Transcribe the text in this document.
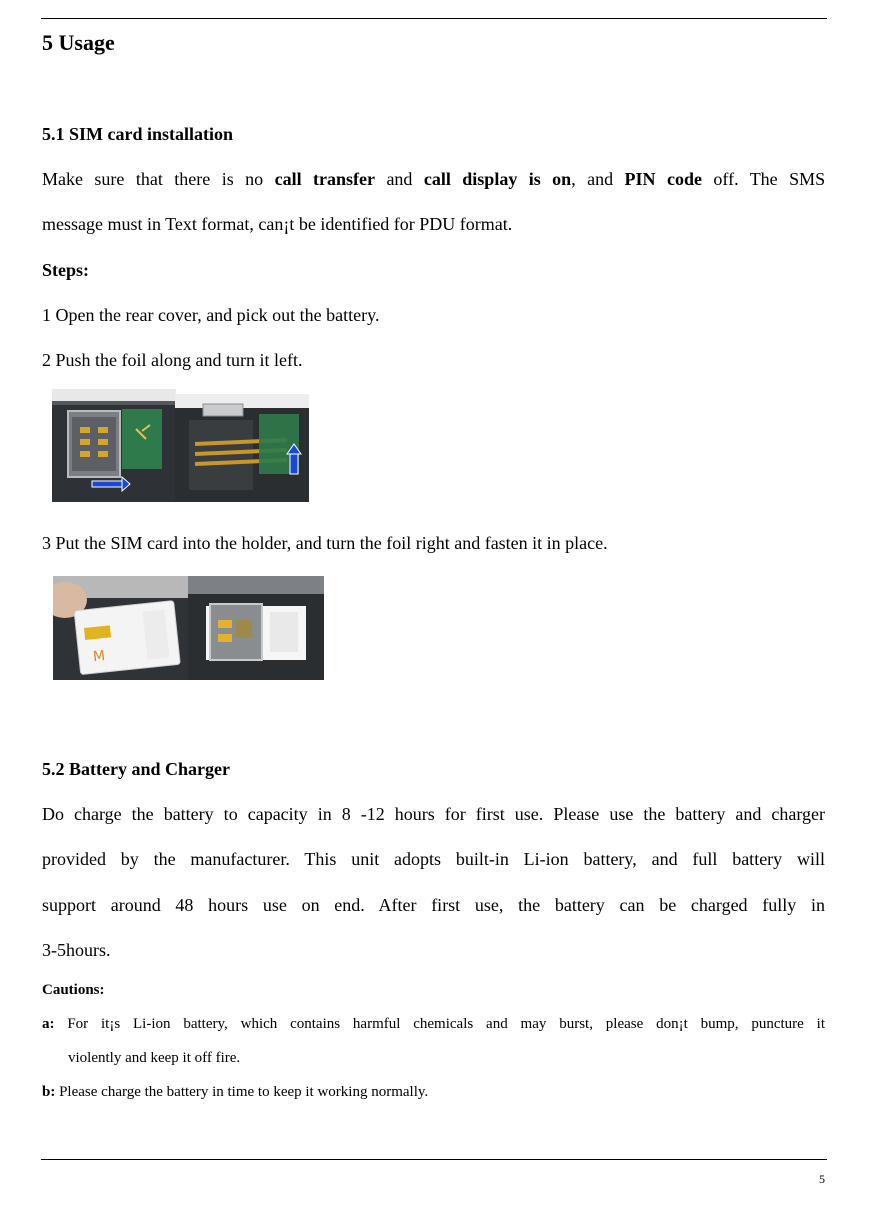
5 Usage
5.1 SIM card installation
Make sure that there is no call transfer and call display is on, and PIN code off. The SMS
message must in Text format, can¡t be identified for PDU format.
Steps:
1 Open the rear cover, and pick out the battery.
2 Push the foil along and turn it left.
3 Put the SIM card into the holder, and turn the foil right and fasten it in place.
M
5.2 Battery and Charger
Do charge the battery to capacity in 8 -12 hours for first use. Please use the battery and charger
provided by the manufacturer. This unit adopts built-in Li-ion battery, and full battery will
support around 48 hours use on end. After first use, the battery can be charged fully in
3-5hours.
Cautions:
a: For it¡s Li-ion battery, which contains harmful chemicals and may burst, please don¡t bump, puncture it
violently and keep it off fire.
b: Please charge the battery in time to keep it working normally.
5
